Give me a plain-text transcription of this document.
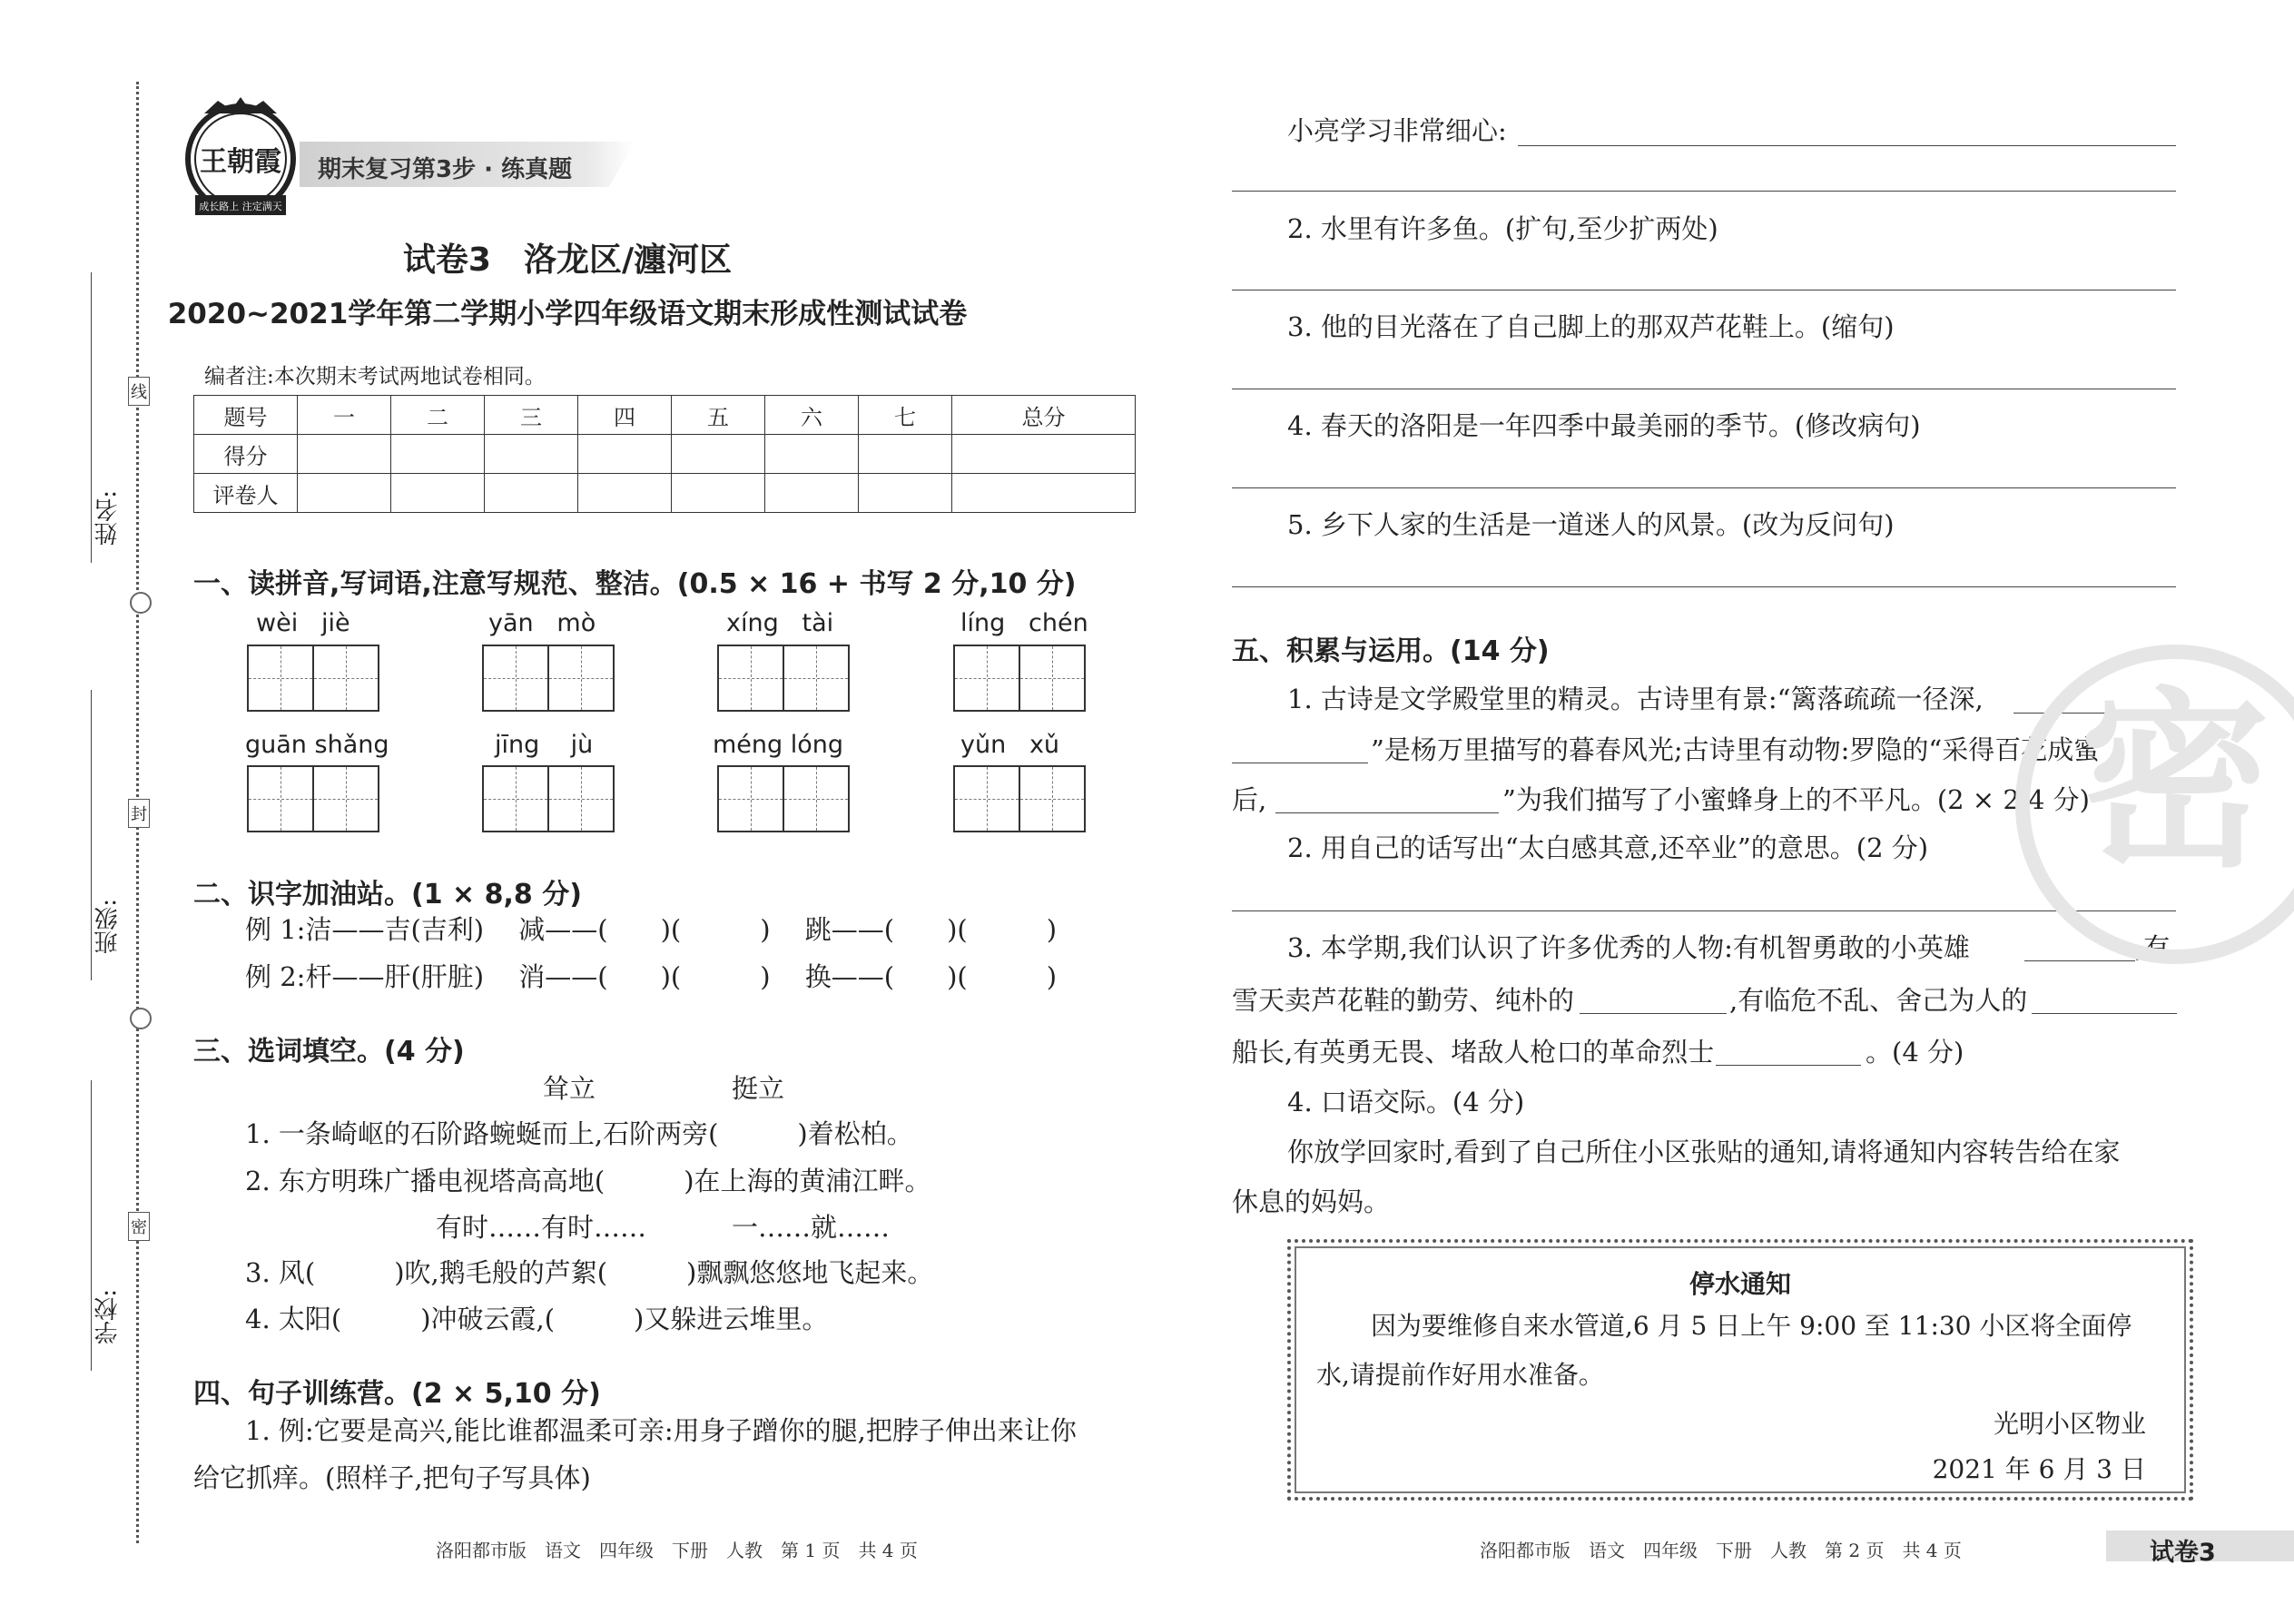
线
封
密
姓名:
班级:
学校:
王朝霞
成长路上 注定满天
期末复习第3步 · 练真题
试卷3　洛龙区/瀍河区
2020~2021学年第二学期小学四年级语文期末形成性测试试卷
编者注:本次期末考试两地试卷相同。
题号	一	二	三	四	五	六	七	总分
得分								
评卷人								
一、读拼音,写词语,注意写规范、整洁。(0.5 × 16 + 书写 2 分,10 分)
wèi jiè	yān mò	xíng tài	líng chén
guān shǎng	jīng jù	méng lóng	yǔn xǔ
二、识字加油站。(1 × 8,8 分)
例 1:洁——吉(吉利)　 减——(　　)(　　　)　 跳——(　　)(　　　)
例 2:杆——肝(肝脏)　 消——(　　)(　　　)　 换——(　　)(　　　)
三、选词填空。(4 分)
耸立	挺立
1. 一条崎岖的石阶路蜿蜒而上,石阶两旁(　　　)着松柏。
2. 东方明珠广播电视塔高高地(　　　)在上海的黄浦江畔。
有时……有时……	一……就……
3. 风(　　　)吹,鹅毛般的芦絮(　　　)飘飘悠悠地飞起来。
4. 太阳(　　　)冲破云霞,(　　　)又躲进云堆里。
四、句子训练营。(2 × 5,10 分)
1. 例:它要是高兴,能比谁都温柔可亲:用身子蹭你的腿,把脖子伸出来让你
给它抓痒。(照样子,把句子写具体)
小亮学习非常细心:
2. 水里有许多鱼。(扩句,至少扩两处)
3. 他的目光落在了自己脚上的那双芦花鞋上。(缩句)
4. 春天的洛阳是一年四季中最美丽的季节。(修改病句)
5. 乡下人家的生活是一道迷人的风景。(改为反问句)
五、积累与运用。(14 分)
1. 古诗是文学殿堂里的精灵。古诗里有景:“篱落疏疏一径深,
”是杨万里描写的暮春风光;古诗里有动物:罗隐的“采得百花成蜜
后,	”为我们描写了小蜜蜂身上的不平凡。(2 × 2,4 分)
2. 用自己的话写出“太白感其意,还卒业”的意思。(2 分)
3. 本学期,我们认识了许多优秀的人物:有机智勇敢的小英雄	,有
雪天卖芦花鞋的勤劳、纯朴的	,有临危不乱、舍己为人的
船长,有英勇无畏、堵敌人枪口的革命烈士	。(4 分)
4. 口语交际。(4 分)
你放学回家时,看到了自己所住小区张贴的通知,请将通知内容转告给在家
休息的妈妈。
停水通知
因为要维修自来水管道,6 月 5 日上午 9:00 至 11:30 小区将全面停
水,请提前作好用水准备。
光明小区物业
2021 年 6 月 3 日
密
洛阳都市版　语文　四年级　下册　人教　第 1 页　共 4 页	洛阳都市版　语文　四年级　下册　人教　第 2 页　共 4 页	试卷3
